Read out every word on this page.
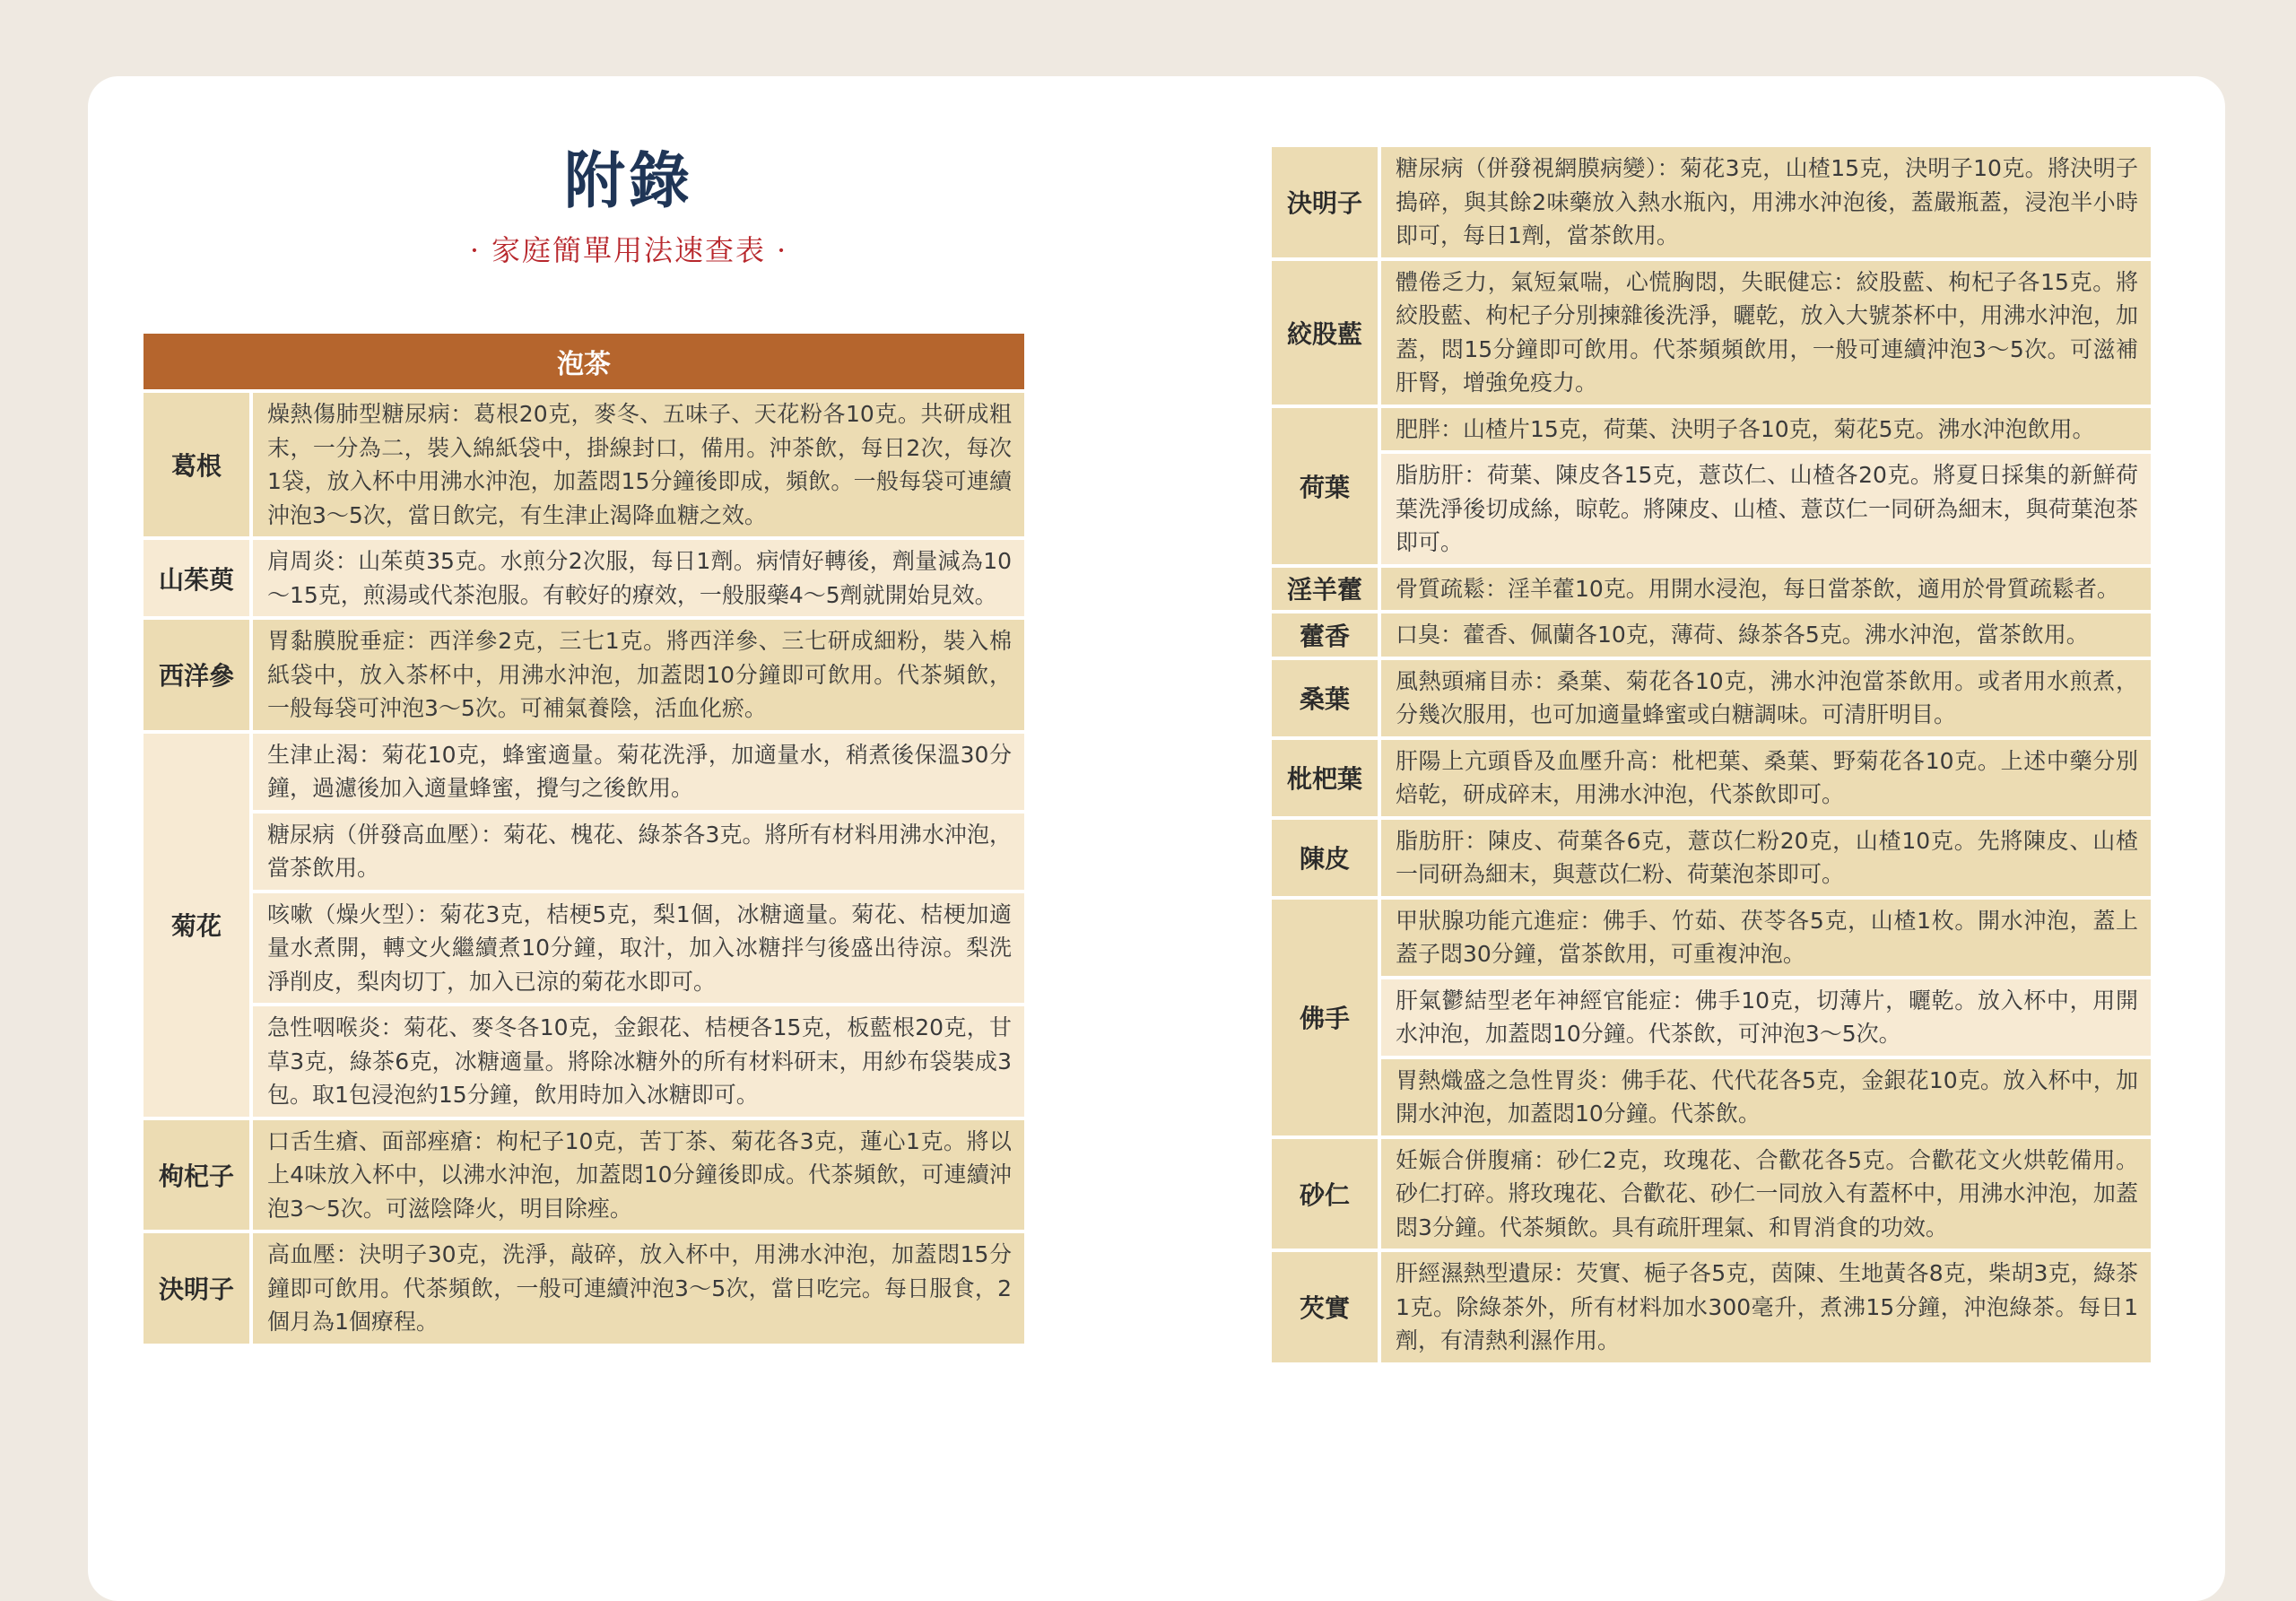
附錄
· 家庭簡單用法速查表 ·
泡茶
葛根
燥熱傷肺型糖尿病：葛根20克，麥冬、五味子、天花粉各10克。共研成粗末，一分為二，裝入綿紙袋中，掛線封口，備用。沖茶飲，每日2次，每次1袋，放入杯中用沸水沖泡，加蓋悶15分鐘後即成，頻飲。一般每袋可連續沖泡3～5次，當日飲完，有生津止渴降血糖之效。
山茱萸
肩周炎：山茱萸35克。水煎分2次服，每日1劑。病情好轉後，劑量減為10～15克，煎湯或代茶泡服。有較好的療效，一般服藥4～5劑就開始見效。
西洋參
胃黏膜脫垂症：西洋參2克，三七1克。將西洋參、三七研成細粉，裝入棉紙袋中，放入茶杯中，用沸水沖泡，加蓋悶10分鐘即可飲用。代茶頻飲，一般每袋可沖泡3～5次。可補氣養陰，活血化瘀。
菊花
生津止渴：菊花10克，蜂蜜適量。菊花洗淨，加適量水，稍煮後保溫30分鐘，過濾後加入適量蜂蜜，攪勻之後飲用。
糖尿病（併發高血壓）：菊花、槐花、綠茶各3克。將所有材料用沸水沖泡，當茶飲用。
咳嗽（燥火型）：菊花3克，桔梗5克，梨1個，冰糖適量。菊花、桔梗加適量水煮開，轉文火繼續煮10分鐘，取汁，加入冰糖拌勻後盛出待涼。梨洗淨削皮，梨肉切丁，加入已涼的菊花水即可。
急性咽喉炎：菊花、麥冬各10克，金銀花、桔梗各15克，板藍根20克，甘草3克，綠茶6克，冰糖適量。將除冰糖外的所有材料研末，用紗布袋裝成3包。取1包浸泡約15分鐘，飲用時加入冰糖即可。
枸杞子
口舌生瘡、面部痤瘡：枸杞子10克，苦丁茶、菊花各3克，蓮心1克。將以上4味放入杯中，以沸水沖泡，加蓋悶10分鐘後即成。代茶頻飲，可連續沖泡3～5次。可滋陰降火，明目除痤。
決明子
高血壓：決明子30克，洗淨，敲碎，放入杯中，用沸水沖泡，加蓋悶15分鐘即可飲用。代茶頻飲，一般可連續沖泡3～5次，當日吃完。每日服食，2個月為1個療程。
決明子
糖尿病（併發視網膜病變）：菊花3克，山楂15克，決明子10克。將決明子搗碎，與其餘2味藥放入熱水瓶內，用沸水沖泡後，蓋嚴瓶蓋，浸泡半小時即可，每日1劑，當茶飲用。
絞股藍
體倦乏力，氣短氣喘，心慌胸悶，失眠健忘：絞股藍、枸杞子各15克。將絞股藍、枸杞子分別揀雜後洗淨，曬乾，放入大號茶杯中，用沸水沖泡，加蓋，悶15分鐘即可飲用。代茶頻頻飲用，一般可連續沖泡3～5次。可滋補肝腎，增強免疫力。
荷葉
肥胖：山楂片15克，荷葉、決明子各10克，菊花5克。沸水沖泡飲用。
脂肪肝：荷葉、陳皮各15克，薏苡仁、山楂各20克。將夏日採集的新鮮荷葉洗淨後切成絲，晾乾。將陳皮、山楂、薏苡仁一同研為細末，與荷葉泡茶即可。
淫羊藿	骨質疏鬆：淫羊藿10克。用開水浸泡，每日當茶飲，適用於骨質疏鬆者。
藿香	口臭：藿香、佩蘭各10克，薄荷、綠茶各5克。沸水沖泡，當茶飲用。
桑葉
風熱頭痛目赤：桑葉、菊花各10克，沸水沖泡當茶飲用。或者用水煎煮，分幾次服用，也可加適量蜂蜜或白糖調味。可清肝明目。
枇杷葉
肝陽上亢頭昏及血壓升高：枇杷葉、桑葉、野菊花各10克。上述中藥分別焙乾，研成碎末，用沸水沖泡，代茶飲即可。
陳皮
脂肪肝：陳皮、荷葉各6克，薏苡仁粉20克，山楂10克。先將陳皮、山楂一同研為細末，與薏苡仁粉、荷葉泡茶即可。
佛手
甲狀腺功能亢進症：佛手、竹茹、茯苓各5克，山楂1枚。開水沖泡，蓋上蓋子悶30分鐘，當茶飲用，可重複沖泡。
肝氣鬱結型老年神經官能症：佛手10克，切薄片，曬乾。放入杯中，用開水沖泡，加蓋悶10分鐘。代茶飲，可沖泡3～5次。
胃熱熾盛之急性胃炎：佛手花、代代花各5克，金銀花10克。放入杯中，加開水沖泡，加蓋悶10分鐘。代茶飲。
砂仁
妊娠合併腹痛：砂仁2克，玫瑰花、合歡花各5克。合歡花文火烘乾備用。砂仁打碎。將玫瑰花、合歡花、砂仁一同放入有蓋杯中，用沸水沖泡，加蓋悶3分鐘。代茶頻飲。具有疏肝理氣、和胃消食的功效。
芡實
肝經濕熱型遺尿：芡實、梔子各5克，茵陳、生地黃各8克，柴胡3克，綠茶1克。除綠茶外，所有材料加水300毫升，煮沸15分鐘，沖泡綠茶。每日1劑，有清熱利濕作用。
